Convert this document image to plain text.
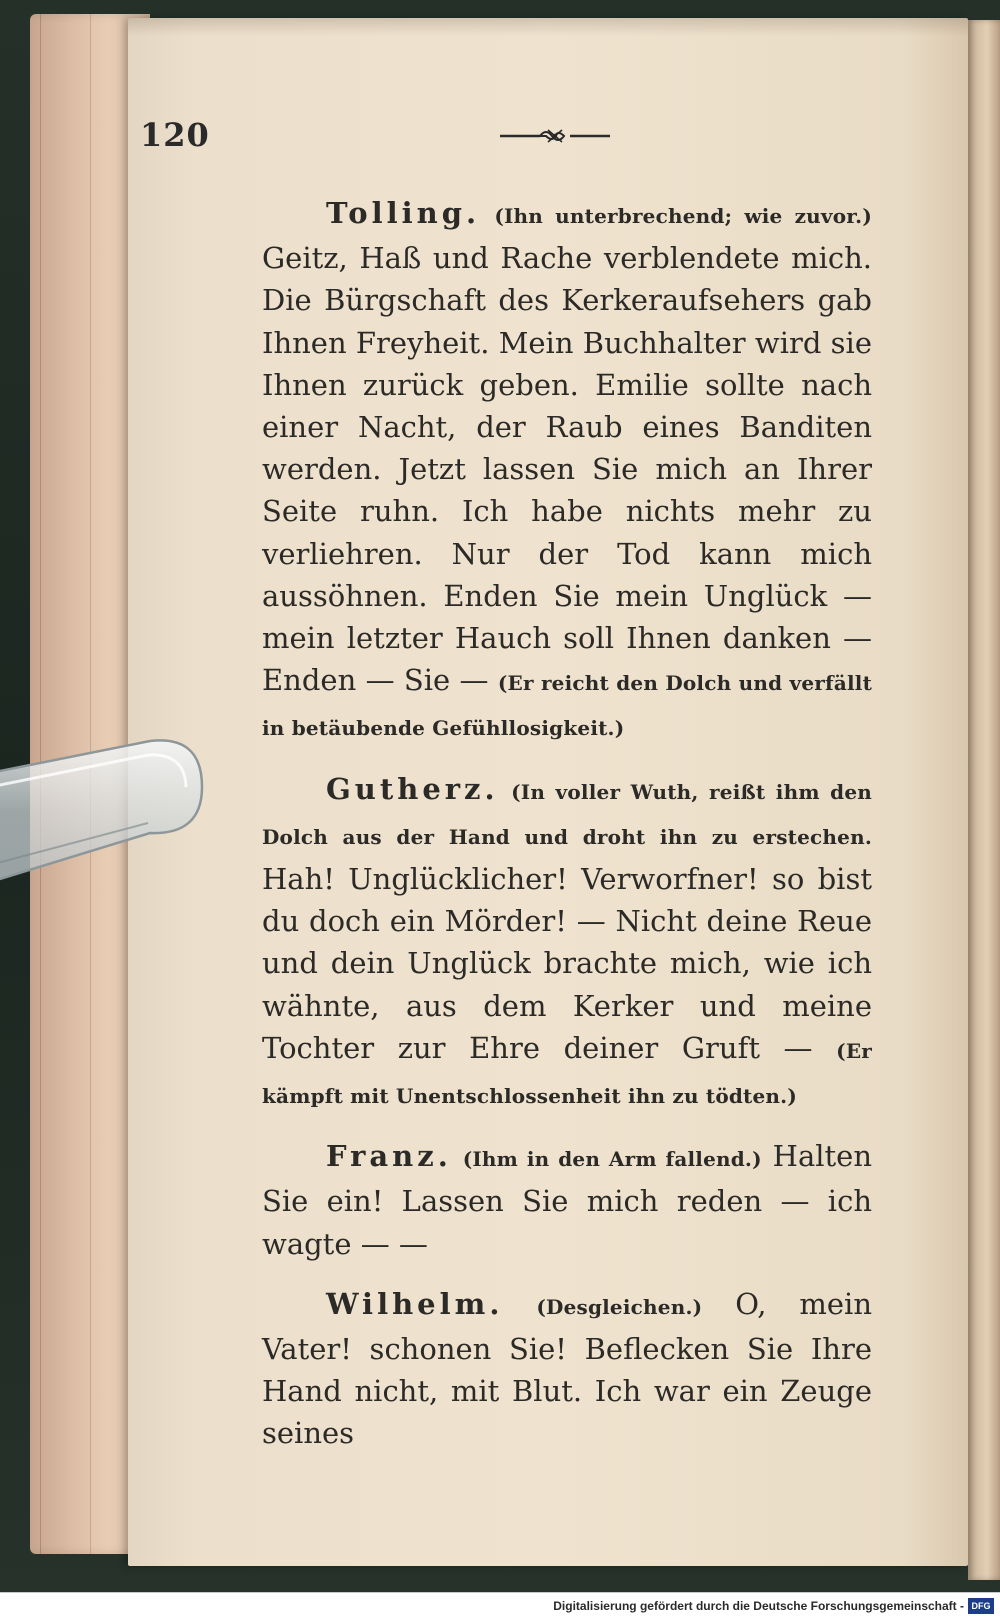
120

Tolling. (Ihn unterbrechend; wie zuvor.) Geitz, Haß und Rache verblendete mich. Die Bürgschaft des Kerkeraufsehers gab Ihnen Freyheit. Mein Buchhalter wird sie Ihnen zurück geben. Emilie sollte nach einer Nacht, der Raub eines Banditen werden. Jetzt lassen Sie mich an Ihrer Seite ruhn. Ich habe nichts mehr zu verliehren. Nur der Tod kann mich aussöhnen. Enden Sie mein Unglück — mein letzter Hauch soll Ihnen danken — Enden — Sie — (Er reicht den Dolch und verfällt in betäubende Gefühllosigkeit.)

Gutherz. (In voller Wuth, reißt ihm den Dolch aus der Hand und droht ihn zu erstechen. Hah! Unglücklicher! Verworfner! so bist du doch ein Mörder! — Nicht deine Reue und dein Unglück brachte mich, wie ich wähnte, aus dem Kerker und meine Tochter zur Ehre deiner Gruft — (Er kämpft mit Unentschlossenheit ihn zu tödten.)

Franz. (Ihm in den Arm fallend.) Halten Sie ein! Lassen Sie mich reden — ich wagte — —

Wilhelm. (Desgleichen.) O, mein Vater! schonen Sie! Beflecken Sie Ihre Hand nicht, mit Blut. Ich war ein Zeuge seines

Digitalisierung gefördert durch die Deutsche Forschungsgemeinschaft - DFG
